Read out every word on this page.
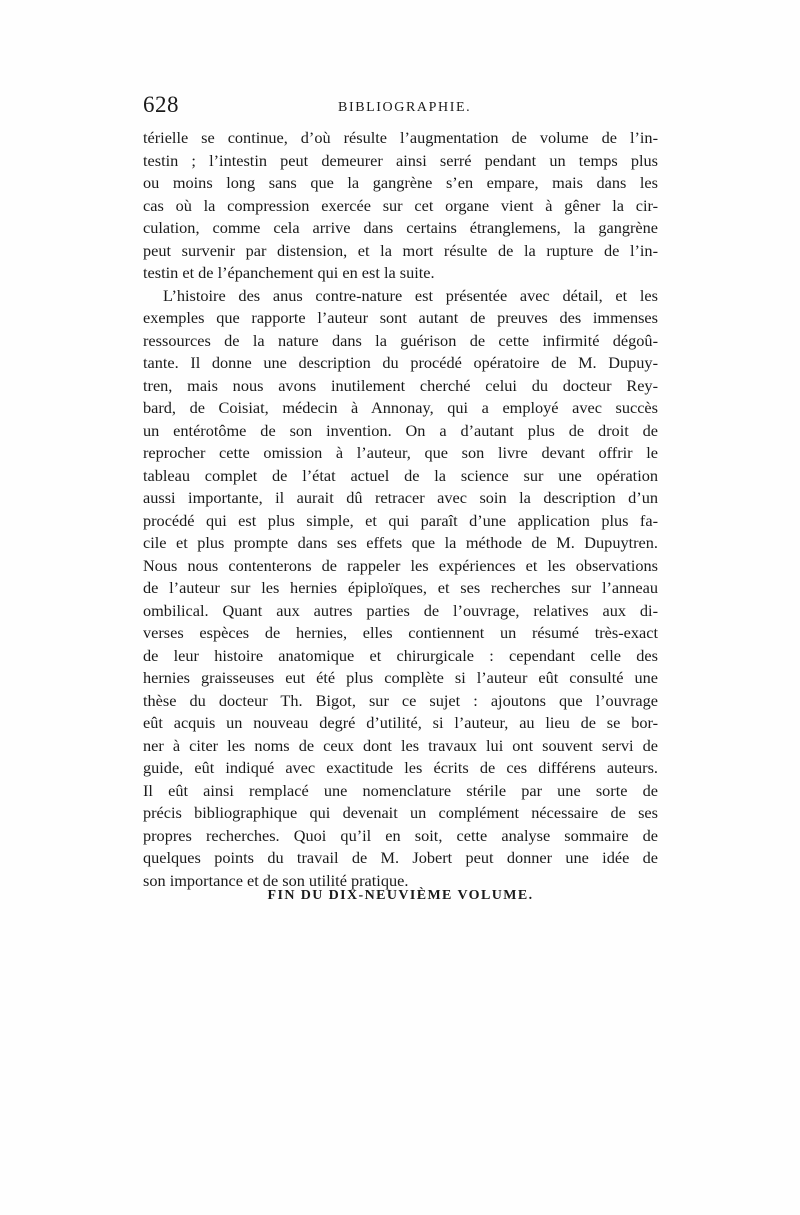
628	BIBLIOGRAPHIE.
térielle se continue, d’où résulte l’augmentation de volume de l’in-
testin ; l’intestin peut demeurer ainsi serré pendant un temps plus
ou moins long sans que la gangrène s’en empare, mais dans les
cas où la compression exercée sur cet organe vient à gêner la cir-
culation, comme cela arrive dans certains étranglemens, la gangrène
peut survenir par distension, et la mort résulte de la rupture de l’in-
testin et de l’épanchement qui en est la suite.
L’histoire des anus contre-nature est présentée avec détail, et les
exemples que rapporte l’auteur sont autant de preuves des immenses
ressources de la nature dans la guérison de cette infirmité dégoû-
tante. Il donne une description du procédé opératoire de M. Dupuy-
tren, mais nous avons inutilement cherché celui du docteur Rey-
bard, de Coisiat, médecin à Annonay, qui a employé avec succès
un entérotôme de son invention. On a d’autant plus de droit de
reprocher cette omission à l’auteur, que son livre devant offrir le
tableau complet de l’état actuel de la science sur une opération
aussi importante, il aurait dû retracer avec soin la description d’un
procédé qui est plus simple, et qui paraît d’une application plus fa-
cile et plus prompte dans ses effets que la méthode de M. Dupuytren.
Nous nous contenterons de rappeler les expériences et les observations
de l’auteur sur les hernies épiploïques, et ses recherches sur l’anneau
ombilical. Quant aux autres parties de l’ouvrage, relatives aux di-
verses espèces de hernies, elles contiennent un résumé très-exact
de leur histoire anatomique et chirurgicale : cependant celle des
hernies graisseuses eut été plus complète si l’auteur eût consulté une
thèse du docteur Th. Bigot, sur ce sujet : ajoutons que l’ouvrage
eût acquis un nouveau degré d’utilité, si l’auteur, au lieu de se bor-
ner à citer les noms de ceux dont les travaux lui ont souvent servi de
guide, eût indiqué avec exactitude les écrits de ces différens auteurs.
Il eût ainsi remplacé une nomenclature stérile par une sorte de
précis bibliographique qui devenait un complément nécessaire de ses
propres recherches. Quoi qu’il en soit, cette analyse sommaire de
quelques points du travail de M. Jobert peut donner une idée de
son importance et de son utilité pratique.
FIN DU DIX-NEUVIÈME VOLUME.
